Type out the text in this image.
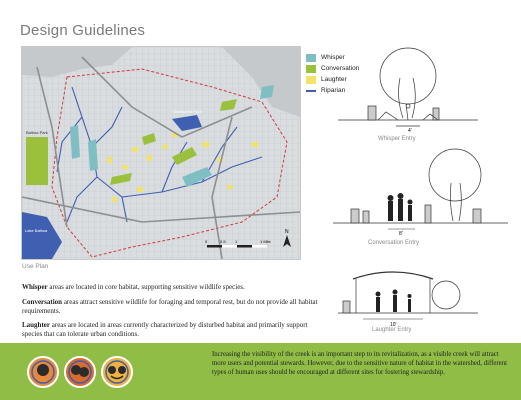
Design Guidelines
Balboa Park
Chatsworth Park
Lake Balboa
0	0.5 1	1 Mile
N
Whisper
Conversation
Laughter
Riparian
Use Plan
4'
Whisper Entry
8'
Conversation Entry
10'
Laughter Entry
Whisper areas are located in core habitat, supporting sensitive wildlife species.
Conversation areas attract sensitive wildlife for foraging and temporal rest, but do not provide all habitat requirements.
Laughter areas are located in areas currently characterized by disturbed habitat and primarily support species that can tolerate urban conditions.
Increasing the visibility of the creek is an important step to its revitalization, as a visible creek will attract more users and potential stewards. However, due to the sensitive nature of habitat in the watershed, different types of human uses should be encouraged at different sites for fostering stewardship.
